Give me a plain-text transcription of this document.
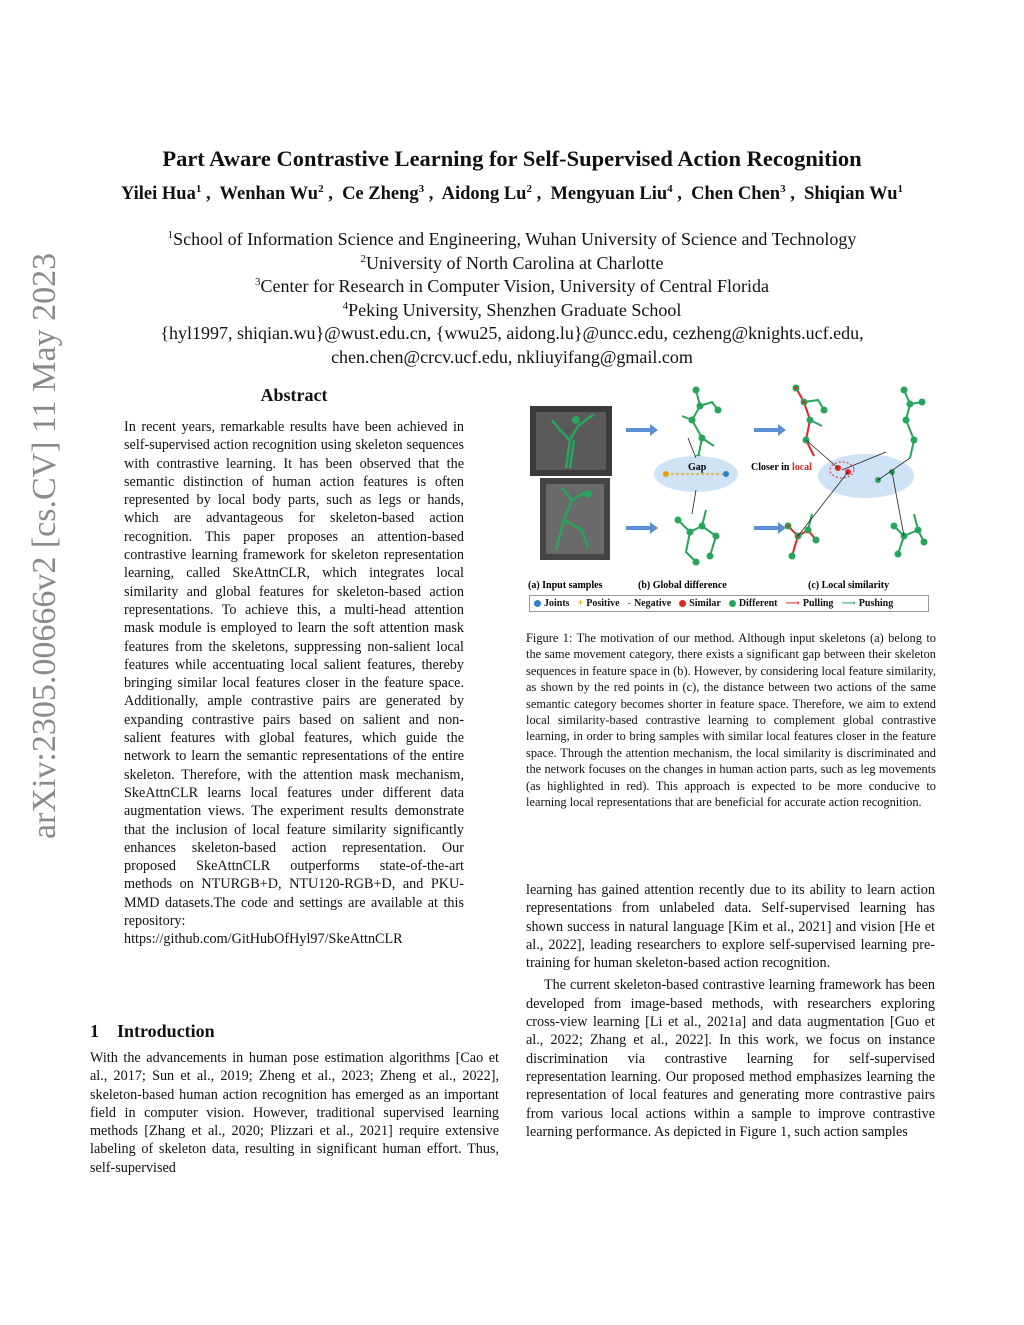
arXiv:2305.00666v2 [cs.CV] 11 May 2023
Part Aware Contrastive Learning for Self-Supervised Action Recognition
Yilei Hua$^1$ ,  Wenhan Wu$^2$ ,  Ce Zheng$^3$ ,  Aidong Lu$^2$ ,  Mengyuan Liu$^4$ ,  Chen Chen$^3$ ,  Shiqian Wu$^1$
$^1$School of Information Science and Engineering, Wuhan University of Science and Technology
$^2$University of North Carolina at Charlotte
$^3$Center for Research in Computer Vision, University of Central Florida
$^4$Peking University, Shenzhen Graduate School
{hyl1997, shiqian.wu}@wust.edu.cn, {wwu25, aidong.lu}@uncc.edu, cezheng@knights.ucf.edu,
chen.chen@crcv.ucf.edu, nkliuyifang@gmail.com
Abstract
In recent years, remarkable results have been achieved in self-supervised action recognition using skeleton sequences with contrastive learning. It has been observed that the semantic distinction of human action features is often represented by local body parts, such as legs or hands, which are advantageous for skeleton-based action recognition. This paper proposes an attention-based contrastive learning framework for skeleton representation learning, called SkeAttnCLR, which integrates local similarity and global features for skeleton-based action representations. To achieve this, a multi-head attention mask module is employed to learn the soft attention mask features from the skeletons, suppressing non-salient local features while accentuating local salient features, thereby bringing similar local features closer in the feature space. Additionally, ample contrastive pairs are generated by expanding contrastive pairs based on salient and non-salient features with global features, which guide the network to learn the semantic representations of the entire skeleton. Therefore, with the attention mask mechanism, SkeAttnCLR learns local features under different data augmentation views. The experiment results demonstrate that the inclusion of local feature similarity significantly enhances skeleton-based action representation. Our proposed SkeAttnCLR outperforms state-of-the-art methods on NTURGB+D, NTU120-RGB+D, and PKU-MMD datasets.The code and settings are available at this repository: https://github.com/GitHubOfHyl97/SkeAttnCLR
1 Introduction
With the advancements in human pose estimation algorithms [Cao et al., 2017; Sun et al., 2019; Zheng et al., 2023; Zheng et al., 2022], skeleton-based human action recognition has emerged as an important field in computer vision. However, traditional supervised learning methods [Zhang et al., 2020; Plizzari et al., 2021] require extensive labeling of skeleton data, resulting in significant human effort. Thus, self-supervised
Gap	Closer in local
(a) Input samples	(b) Global difference	(c) Local similarity
Joints + Positive - Negative Similar Different ⟶ Pulling ⟶ Pushing
Figure 1: The motivation of our method. Although input skeletons (a) belong to the same movement category, there exists a significant gap between their skeleton sequences in feature space in (b). However, by considering local feature similarity, as shown by the red points in (c), the distance between two actions of the same semantic category becomes shorter in feature space. Therefore, we aim to extend local similarity-based contrastive learning to complement global contrastive learning, in order to bring samples with similar local features closer in the feature space. Through the attention mechanism, the local similarity is discriminated and the network focuses on the changes in human action parts, such as leg movements (as highlighted in red). This approach is expected to be more conducive to learning local representations that are beneficial for accurate action recognition.

learning has gained attention recently due to its ability to learn action representations from unlabeled data. Self-supervised learning has shown success in natural language [Kim et al., 2021] and vision [He et al., 2022], leading researchers to explore self-supervised learning pre-training for human skeleton-based action recognition.

The current skeleton-based contrastive learning framework has been developed from image-based methods, with researchers exploring cross-view learning [Li et al., 2021a] and data augmentation [Guo et al., 2022; Zhang et al., 2022]. In this work, we focus on instance discrimination via contrastive learning for self-supervised representation learning. Our proposed method emphasizes learning the representation of local features and generating more contrastive pairs from various local actions within a sample to improve contrastive learning performance. As depicted in Figure 1, such action samples
